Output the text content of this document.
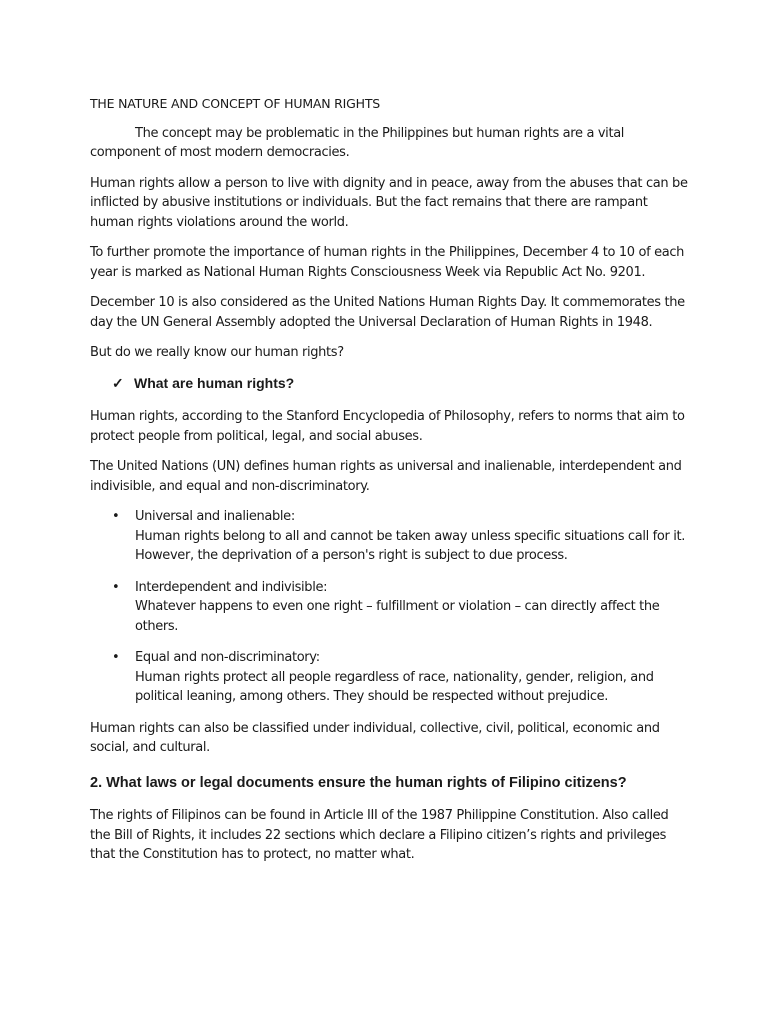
THE NATURE AND CONCEPT OF HUMAN RIGHTS

The concept may be problematic in the Philippines but human rights are a vital component of most modern democracies.

Human rights allow a person to live with dignity and in peace, away from the abuses that can be inflicted by abusive institutions or individuals. But the fact remains that there are rampant human rights violations around the world.

To further promote the importance of human rights in the Philippines, December 4 to 10 of each year is marked as National Human Rights Consciousness Week via Republic Act No. 9201.

December 10 is also considered as the United Nations Human Rights Day. It commemorates the day the UN General Assembly adopted the Universal Declaration of Human Rights in 1948.

But do we really know our human rights?

✓ What are human rights?

Human rights, according to the Stanford Encyclopedia of Philosophy, refers to norms that aim to protect people from political, legal, and social abuses.

The United Nations (UN) defines human rights as universal and inalienable, interdependent and indivisible, and equal and non-discriminatory.

• Universal and inalienable:
Human rights belong to all and cannot be taken away unless specific situations call for it. However, the deprivation of a person's right is subject to due process.
• Interdependent and indivisible:
Whatever happens to even one right – fulfillment or violation – can directly affect the others.
• Equal and non-discriminatory:
Human rights protect all people regardless of race, nationality, gender, religion, and political leaning, among others. They should be respected without prejudice.

Human rights can also be classified under individual, collective, civil, political, economic and social, and cultural.

2. What laws or legal documents ensure the human rights of Filipino citizens?

The rights of Filipinos can be found in Article III of the 1987 Philippine Constitution. Also called the Bill of Rights, it includes 22 sections which declare a Filipino citizen’s rights and privileges that the Constitution has to protect, no matter what.
